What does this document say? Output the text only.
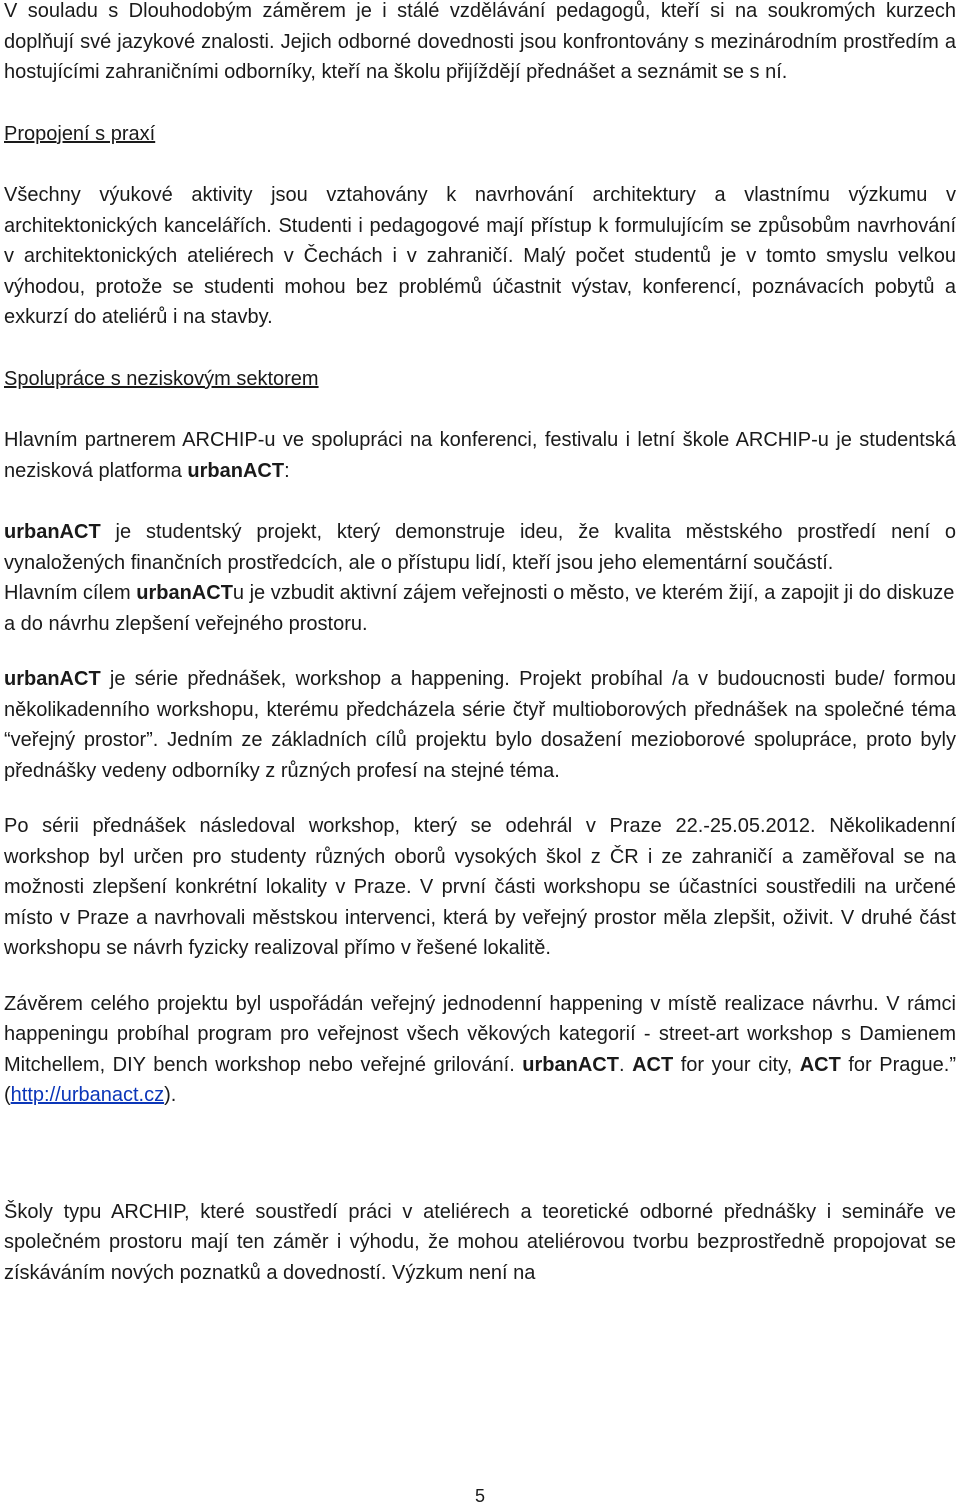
V souladu s Dlouhodobým záměrem je i stálé vzdělávání pedagogů, kteří si na soukromých kurzech doplňují své jazykové znalosti. Jejich odborné dovednosti jsou konfrontovány s mezinárodním prostředím a hostujícími zahraničními odborníky, kteří na školu přijíždějí přednášet a seznámit se s ní.

Propojení s praxí

Všechny výukové aktivity jsou vztahovány k navrhování architektury a vlastnímu výzkumu v architektonických kancelářích. Studenti i pedagogové mají přístup k formulujícím se způsobům navrhování v architektonických ateliérech v Čechách i v zahraničí. Malý počet studentů je v tomto smyslu velkou výhodou, protože se studenti mohou bez problémů účastnit výstav, konferencí, poznávacích pobytů a exkurzí do ateliérů i na stavby.

Spolupráce s neziskovým sektorem

Hlavním partnerem ARCHIP-u ve spolupráci na konferenci, festivalu i letní škole ARCHIP-u je studentská nezisková platforma urbanACT:

urbanACT je studentský projekt, který demonstruje ideu, že kvalita městského prostředí není o vynaložených finančních prostředcích, ale o přístupu lidí, kteří jsou jeho elementární součástí.

Hlavním cílem urbanACTu je vzbudit aktivní zájem veřejnosti o město, ve kterém žijí, a zapojit ji do diskuze a do návrhu zlepšení veřejného prostoru.

urbanACT je série přednášek, workshop a happening. Projekt probíhal /a v budoucnosti bude/ formou několikadenního workshopu, kterému předcházela série čtyř multioborových přednášek na společné téma “veřejný prostor”. Jedním ze základních cílů projektu bylo dosažení mezioborové spolupráce, proto byly přednášky vedeny odborníky z různých profesí na stejné téma.

Po sérii přednášek následoval workshop, který se odehrál v Praze 22.-25.05.2012. Několikadenní workshop byl určen pro studenty různých oborů vysokých škol z ČR i ze zahraničí a zaměřoval se na možnosti zlepšení konkrétní lokality v Praze. V první části workshopu se účastníci soustředili na určené místo v Praze a navrhovali městskou intervenci, která by veřejný prostor měla zlepšit, oživit. V druhé část workshopu se návrh fyzicky realizoval přímo v řešené lokalitě.

Závěrem celého projektu byl uspořádán veřejný jednodenní happening v místě realizace návrhu. V rámci happeningu probíhal program pro veřejnost všech věkových kategorií - street-art workshop s Damienem Mitchellem, DIY bench workshop nebo veřejné grilování. urbanACT. ACT for your city, ACT for Prague.” (http://urbanact.cz).

Školy typu ARCHIP, které soustředí práci v ateliérech a teoretické odborné přednášky i semináře ve společném prostoru mají ten záměr i výhodu, že mohou ateliérovou tvorbu bezprostředně propojovat se získáváním nových poznatků a dovedností. Výzkum není na

5
